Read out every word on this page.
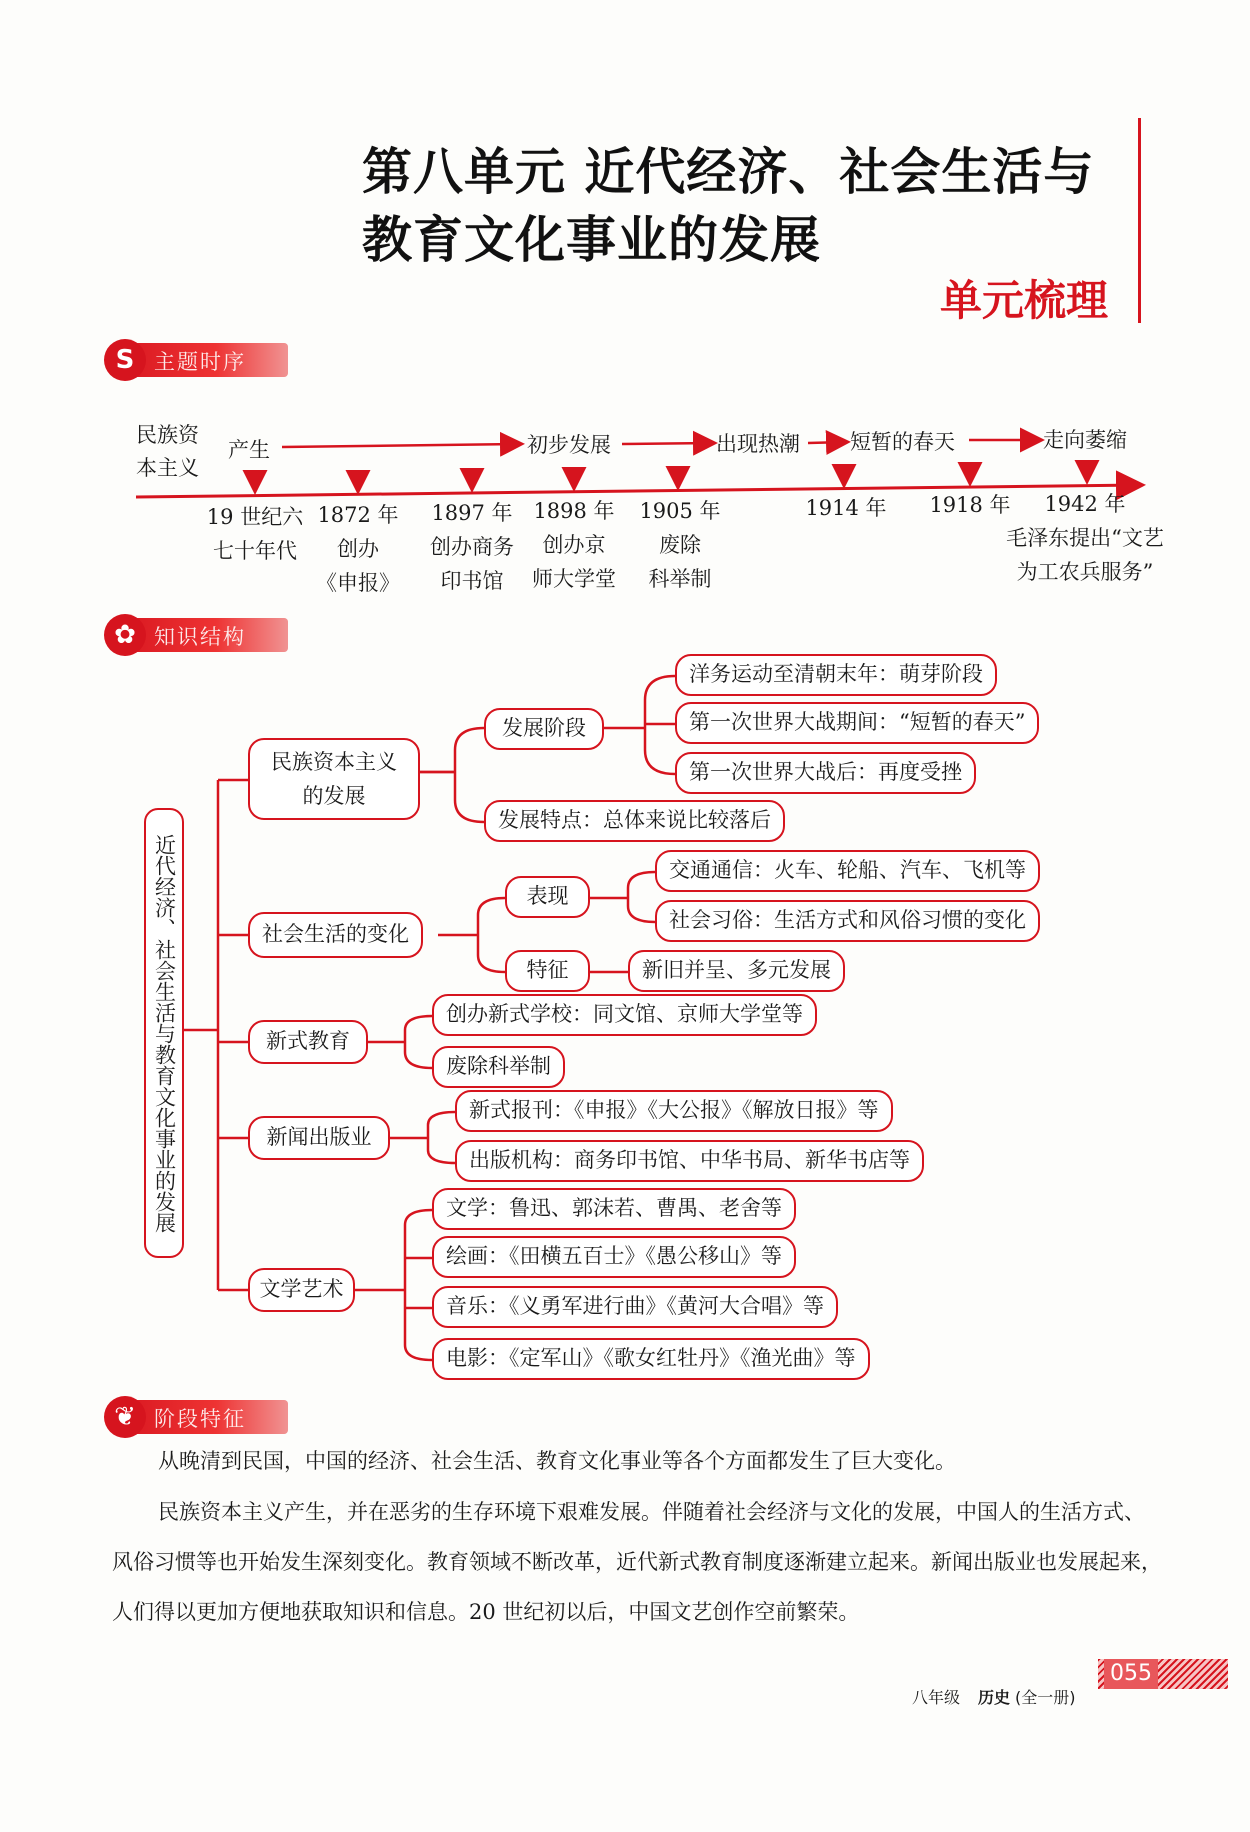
第八单元 近代经济、社会生活与
教育文化事业的发展
单元梳理
S 主题时序
民族资
本主义
产生	初步发展	出现热潮 短暂的春天	走向萎缩
19 世纪六
七十年代
1872 年
创办
《申报》
1897 年
创办商务
印书馆
1898 年
创办京
师大学堂
1905 年
废除
科举制
1914 年	1918 年	1942 年
毛泽东提出“文艺
为工农兵服务”
✿ 知识结构
近代经济、社会生活与教育文化事业的发展
民族资本主义的发展
发展阶段
洋务运动至清朝末年：萌芽阶段
第一次世界大战期间：“短暂的春天”
第一次世界大战后：再度受挫
发展特点：总体来说比较落后
社会生活的变化
表现
交通通信：火车、轮船、汽车、飞机等
社会习俗：生活方式和风俗习惯的变化
特征	新旧并呈、多元发展
新式教育
创办新式学校：同文馆、京师大学堂等
废除科举制
新闻出版业
新式报刊：《申报》《大公报》《解放日报》等
出版机构：商务印书馆、中华书局、新华书店等
文学艺术
文学：鲁迅、郭沫若、曹禺、老舍等
绘画：《田横五百士》《愚公移山》等
音乐：《义勇军进行曲》《黄河大合唱》等
电影：《定军山》《歌女红牡丹》《渔光曲》等
❦ 阶段特征
从晚清到民国，中国的经济、社会生活、教育文化事业等各个方面都发生了巨大变化。
民族资本主义产生，并在恶劣的生存环境下艰难发展。伴随着社会经济与文化的发展，中国人的生活方式、风俗习惯等也开始发生深刻变化。教育领域不断改革，近代新式教育制度逐渐建立起来。新闻出版业也发展起来，人们得以更加方便地获取知识和信息。20 世纪初以后，中国文艺创作空前繁荣。
八年级 历史 (全一册)
055
